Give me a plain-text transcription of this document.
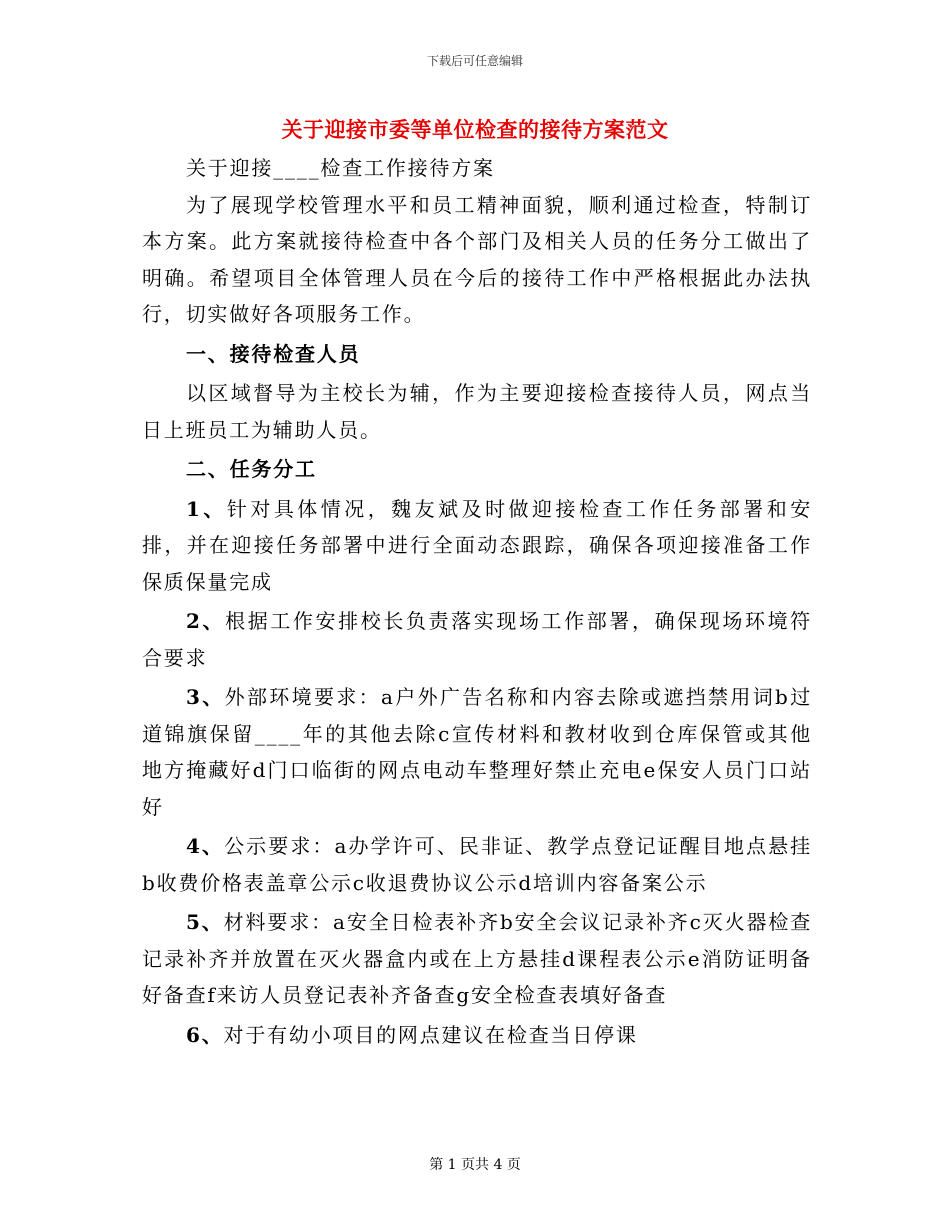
下载后可任意编辑
关于迎接市委等单位检查的接待方案范文

关于迎接____检查工作接待方案

为了展现学校管理水平和员工精神面貌，顺利通过检查，特制订本方案。此方案就接待检查中各个部门及相关人员的任务分工做出了明确。希望项目全体管理人员在今后的接待工作中严格根据此办法执行，切实做好各项服务工作。

一、接待检查人员

以区域督导为主校长为辅，作为主要迎接检查接待人员，网点当日上班员工为辅助人员。

二、任务分工

1、针对具体情况，魏友斌及时做迎接检查工作任务部署和安排，并在迎接任务部署中进行全面动态跟踪，确保各项迎接准备工作保质保量完成

2、根据工作安排校长负责落实现场工作部署，确保现场环境符合要求

3、外部环境要求：a户外广告名称和内容去除或遮挡禁用词b过道锦旗保留____年的其他去除c宣传材料和教材收到仓库保管或其他地方掩藏好d门口临街的网点电动车整理好禁止充电e保安人员门口站好

4、公示要求：a办学许可、民非证、教学点登记证醒目地点悬挂b收费价格表盖章公示c收退费协议公示d培训内容备案公示

5、材料要求：a安全日检表补齐b安全会议记录补齐c灭火器检查记录补齐并放置在灭火器盒内或在上方悬挂d课程表公示e消防证明备好备查f来访人员登记表补齐备查g安全检查表填好备查

6、对于有幼小项目的网点建议在检查当日停课

第 1 页共 4 页
